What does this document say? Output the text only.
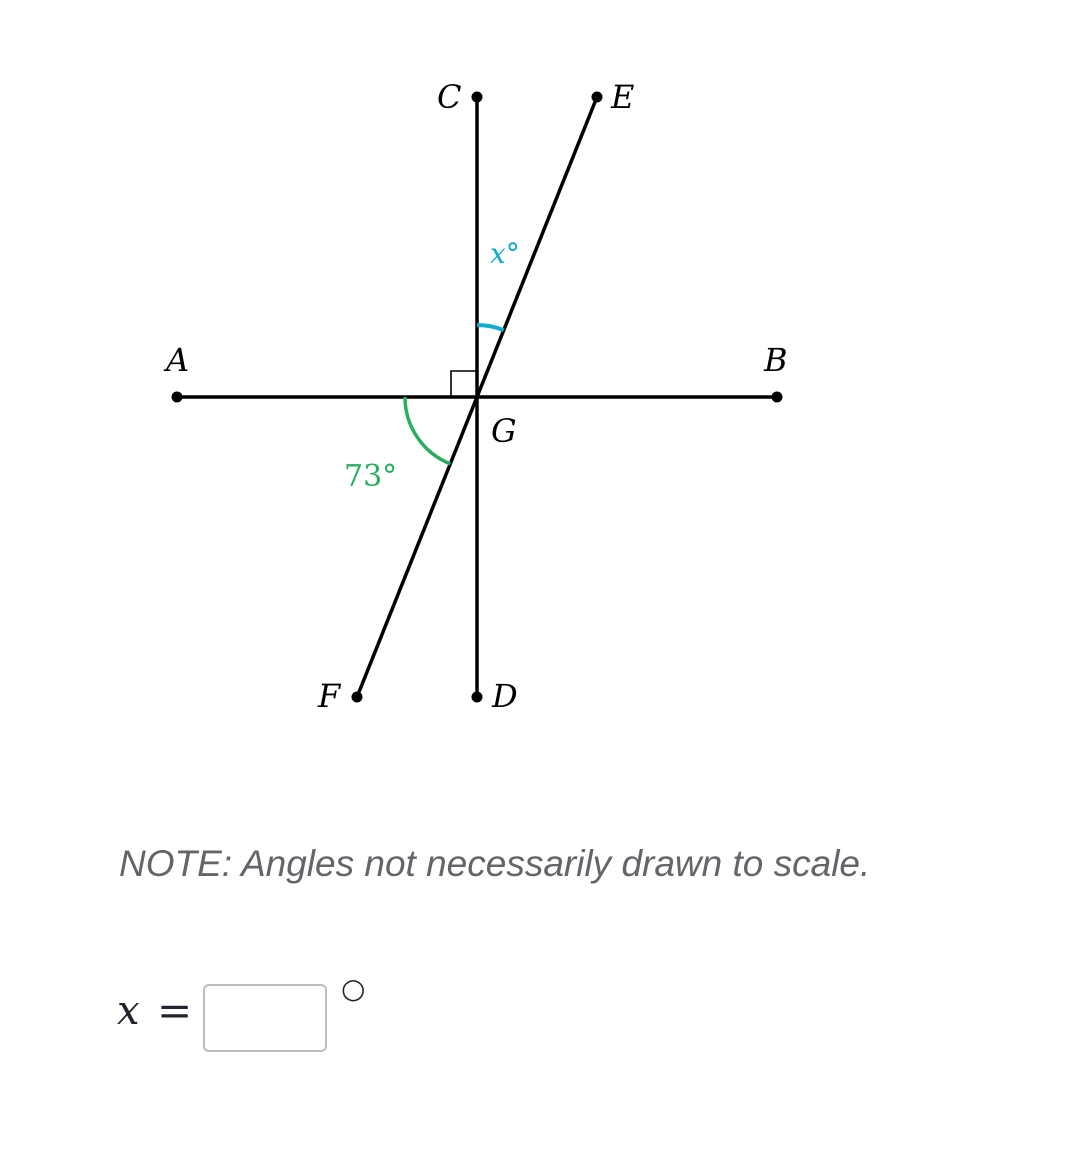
A	B
C
D
E
F
G
x°
73°
NOTE: Angles not necessarily drawn to scale.
x =	○
